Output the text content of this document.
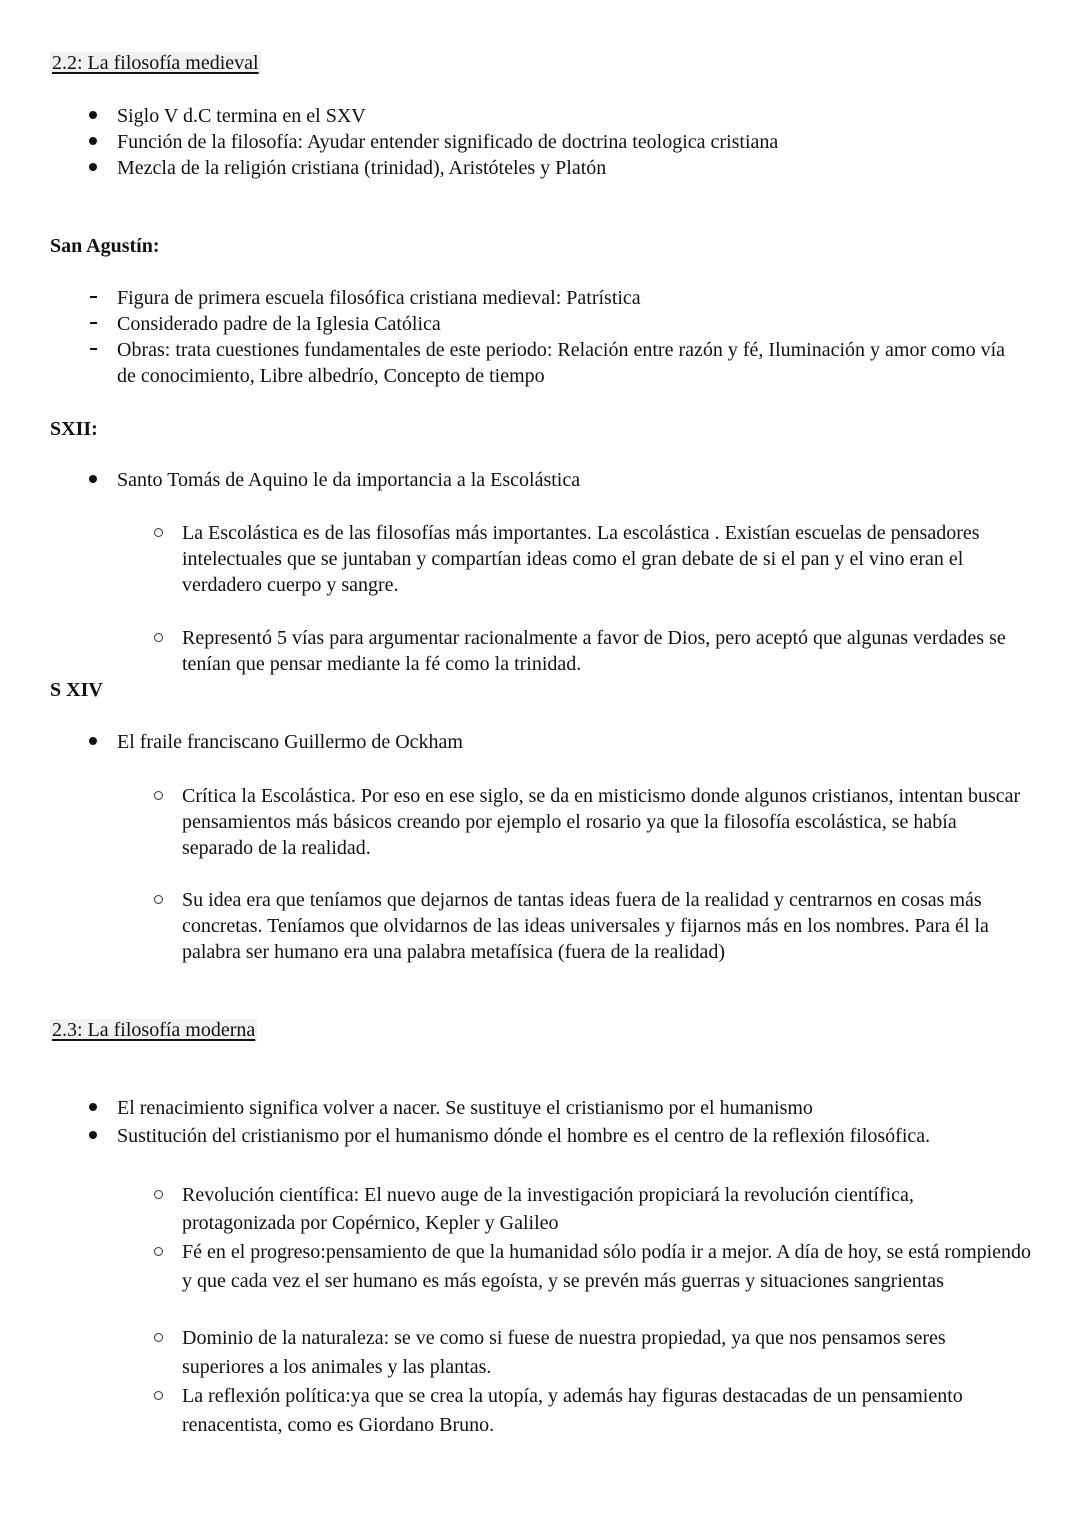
2.2: La filosofía medieval
Siglo V d.C termina en el SXV
Función de la filosofía: Ayudar entender significado de doctrina teologica cristiana
Mezcla de la religión cristiana (trinidad), Aristóteles y Platón
San Agustín:
Figura de primera escuela filosófica cristiana medieval: Patrística
Considerado padre de la Iglesia Católica
Obras: trata cuestiones fundamentales de este periodo: Relación entre razón y fé, Iluminación y amor como vía de conocimiento, Libre albedrío, Concepto de tiempo
SXII:
Santo Tomás de Aquino le da importancia a la Escolástica
La Escolástica es de las filosofías más importantes. La escolástica . Existían escuelas de pensadores intelectuales que se juntaban y compartían ideas como el gran debate de si el pan y el vino eran el verdadero cuerpo y sangre.
Representó 5 vías para argumentar racionalmente a favor de Dios, pero aceptó que algunas verdades se tenían que pensar mediante la fé como la trinidad.
S XIV
El fraile franciscano Guillermo de Ockham
Crítica la Escolástica. Por eso en ese siglo, se da en misticismo donde algunos cristianos, intentan buscar pensamientos más básicos creando por ejemplo el rosario ya que la filosofía escolástica, se había separado de la realidad.
Su idea era que teníamos que dejarnos de tantas ideas fuera de la realidad y centrarnos en cosas más concretas. Teníamos que olvidarnos de las ideas universales y fijarnos más en los nombres. Para él la palabra ser humano era una palabra metafísica (fuera de la realidad)
2.3: La filosofía moderna
El renacimiento significa volver a nacer. Se sustituye el cristianismo por el humanismo
Sustitución del cristianismo por el humanismo dónde el hombre es el centro de la reflexión filosófica.
Revolución científica: El nuevo auge de la investigación propiciará la revolución científica, protagonizada por Copérnico, Kepler y Galileo
Fé en el progreso:pensamiento de que la humanidad sólo podía ir a mejor. A día de hoy, se está rompiendo y que cada vez el ser humano es más egoísta, y se prevén más guerras y situaciones sangrientas
Dominio de la naturaleza: se ve como si fuese de nuestra propiedad, ya que nos pensamos seres superiores a los animales y las plantas.
La reflexión política:ya que se crea la utopía, y además hay figuras destacadas de un pensamiento renacentista, como es Giordano Bruno.
